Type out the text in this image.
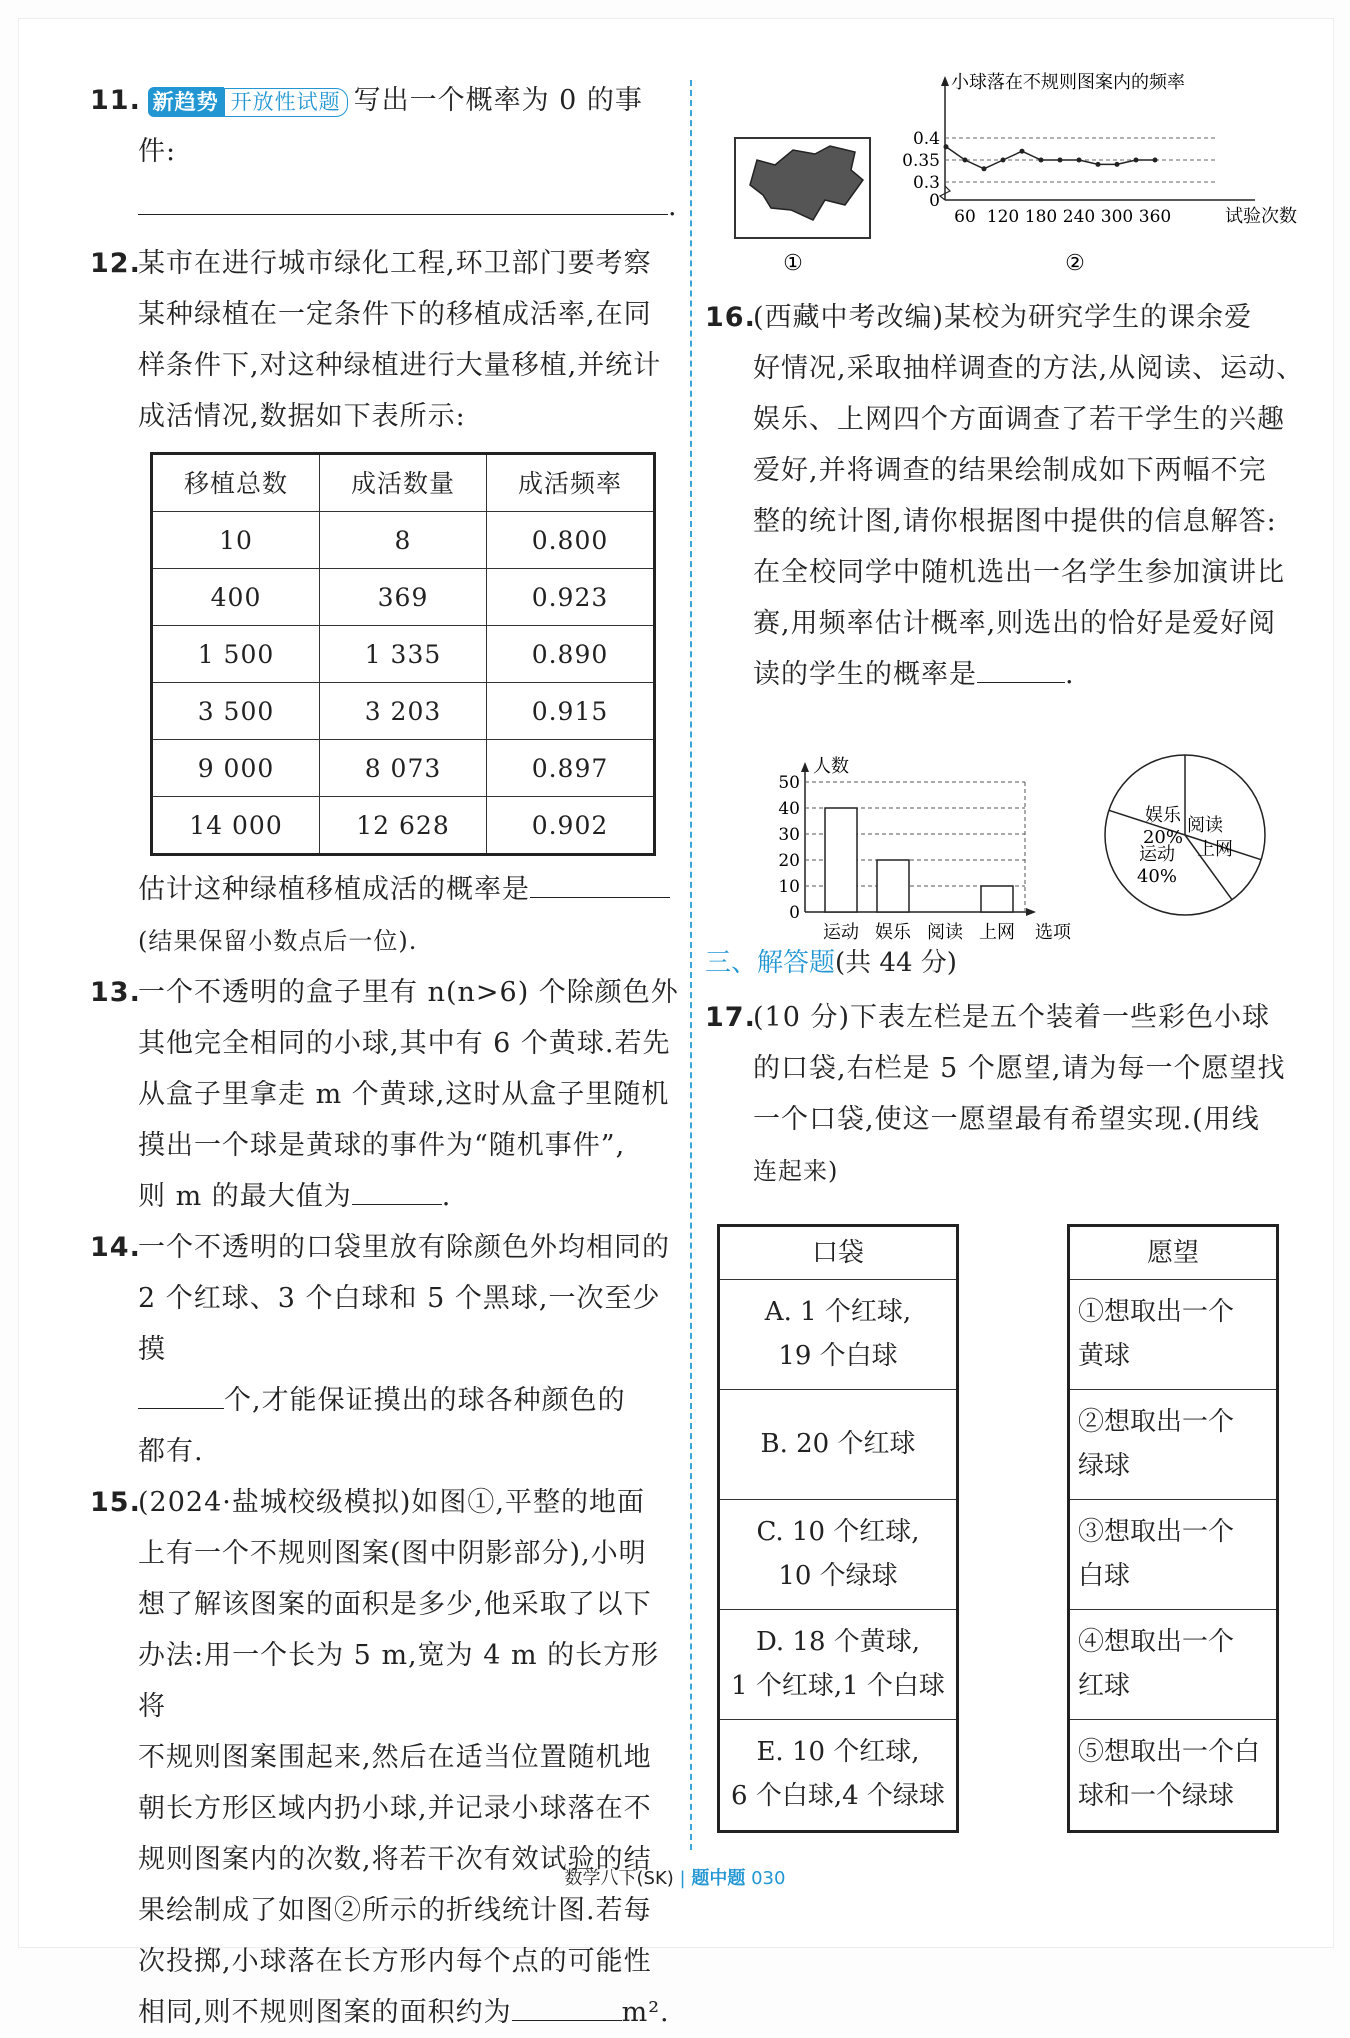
11. 新趋势 开放性试题 写出一个概率为 0 的事件:
.
12.某市在进行城市绿化工程,环卫部门要考察
某种绿植在一定条件下的移植成活率,在同
样条件下,对这种绿植进行大量移植,并统计
成活情况,数据如下表所示:
移植总数	成活数量	成活频率
10	8	0.800
400	369	0.923
1 500	1 335	0.890
3 500	3 203	0.915
9 000	8 073	0.897
14 000	12 628	0.902
估计这种绿植移植成活的概率是
(结果保留小数点后一位).
13.一个不透明的盒子里有 n(n>6) 个除颜色外
其他完全相同的小球,其中有 6 个黄球.若先
从盒子里拿走 m 个黄球,这时从盒子里随机
摸出一个球是黄球的事件为“随机事件”,
则 m 的最大值为	.
14.一个不透明的口袋里放有除颜色外均相同的
2 个红球、3 个白球和 5 个黑球,一次至少摸
个,才能保证摸出的球各种颜色的
都有.
15.(2024·盐城校级模拟)如图①,平整的地面
上有一个不规则图案(图中阴影部分),小明
想了解该图案的面积是多少,他采取了以下
办法:用一个长为 5 m,宽为 4 m 的长方形将
不规则图案围起来,然后在适当位置随机地
朝长方形区域内扔小球,并记录小球落在不
规则图案内的次数,将若干次有效试验的结
果绘制成了如图②所示的折线统计图.若每
次投掷,小球落在长方形内每个点的可能性
相同,则不规则图案的面积约为	m².
①
小球落在不规则图案内的频率
0.3
0.35
0.4
0
60 120 180 240 300 360	试验次数
②
16.(西藏中考改编)某校为研究学生的课余爱
好情况,采取抽样调查的方法,从阅读、运动、
娱乐、上网四个方面调查了若干学生的兴趣
爱好,并将调查的结果绘制成如下两幅不完
整的统计图,请你根据图中提供的信息解答:
在全校同学中随机选出一名学生参加演讲比
赛,用频率估计概率,则选出的恰好是爱好阅
读的学生的概率是	.
人数
0
10
20
30
40
50
运动 娱乐 阅读 上网 选项
娱乐
20%
阅读
上网
运动
40%
三、解答题(共 44 分)
17.(10 分)下表左栏是五个装着一些彩色小球
的口袋,右栏是 5 个愿望,请为每一个愿望找
一个口袋,使这一愿望最有希望实现.(用线
连起来)
口袋
A. 1 个红球,
19 个白球
B. 20 个红球
C. 10 个红球,
10 个绿球
D. 18 个黄球,
1 个红球,1 个白球
E. 10 个红球,
6 个白球,4 个绿球
愿望
①想取出一个
黄球
②想取出一个
绿球
③想取出一个
白球
④想取出一个
红球
⑤想取出一个白
球和一个绿球
数学八下(SK) | 题中题 030
